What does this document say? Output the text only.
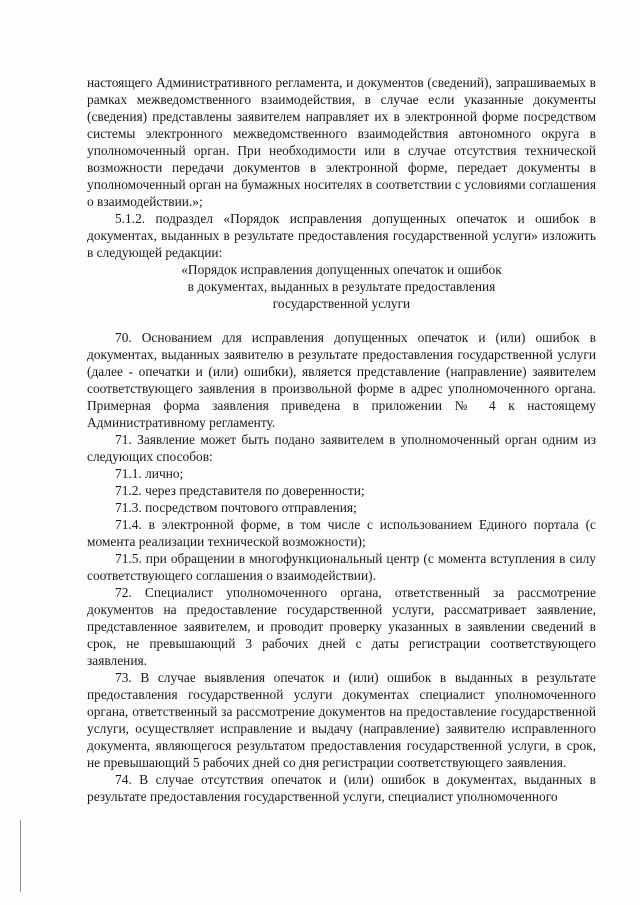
настоящего Административного регламента, и документов (сведений), запрашиваемых в рамках межведомственного взаимодействия, в случае если указанные документы (сведения) представлены заявителем направляет их в электронной форме посредством системы электронного межведомственного взаимодействия автономного округа в уполномоченный орган. При необходимости или в случае отсутствия технической возможности передачи документов в электронной форме, передает документы в уполномоченный орган на бумажных носителях в соответствии с условиями соглашения о взаимодействии.»;

5.1.2. подраздел «Порядок исправления допущенных опечаток и ошибок в документах, выданных в результате предоставления государственной услуги» изложить в следующей редакции:

«Порядок исправления допущенных опечаток и ошибок

в документах, выданных в результате предоставления

государственной услуги

70. Основанием для исправления допущенных опечаток и (или) ошибок в документах, выданных заявителю в результате предоставления государственной услуги (далее - опечатки и (или) ошибки), является представление (направление) заявителем соответствующего заявления в произвольной форме в адрес уполномоченного органа. Примерная форма заявления приведена в приложении № 4 к настоящему Административному регламенту.

71. Заявление может быть подано заявителем в уполномоченный орган одним из следующих способов:

71.1. лично;

71.2. через представителя по доверенности;

71.3. посредством почтового отправления;

71.4. в электронной форме, в том числе с использованием Единого портала (с момента реализации технической возможности);

71.5. при обращении в многофункциональный центр (с момента вступления в силу соответствующего соглашения о взаимодействии).

72. Специалист уполномоченного органа, ответственный за рассмотрение документов на предоставление государственной услуги, рассматривает заявление, представленное заявителем, и проводит проверку указанных в заявлении сведений в срок, не превышающий 3 рабочих дней с даты регистрации соответствующего заявления.

73. В случае выявления опечаток и (или) ошибок в выданных в результате предоставления государственной услуги документах специалист уполномоченного органа, ответственный за рассмотрение документов на предоставление государственной услуги, осуществляет исправление и выдачу (направление) заявителю исправленного документа, являющегося результатом предоставления государственной услуги, в срок, не превышающий 5 рабочих дней со дня регистрации соответствующего заявления.

74. В случае отсутствия опечаток и (или) ошибок в документах, выданных в результате предоставления государственной услуги, специалист уполномоченного
